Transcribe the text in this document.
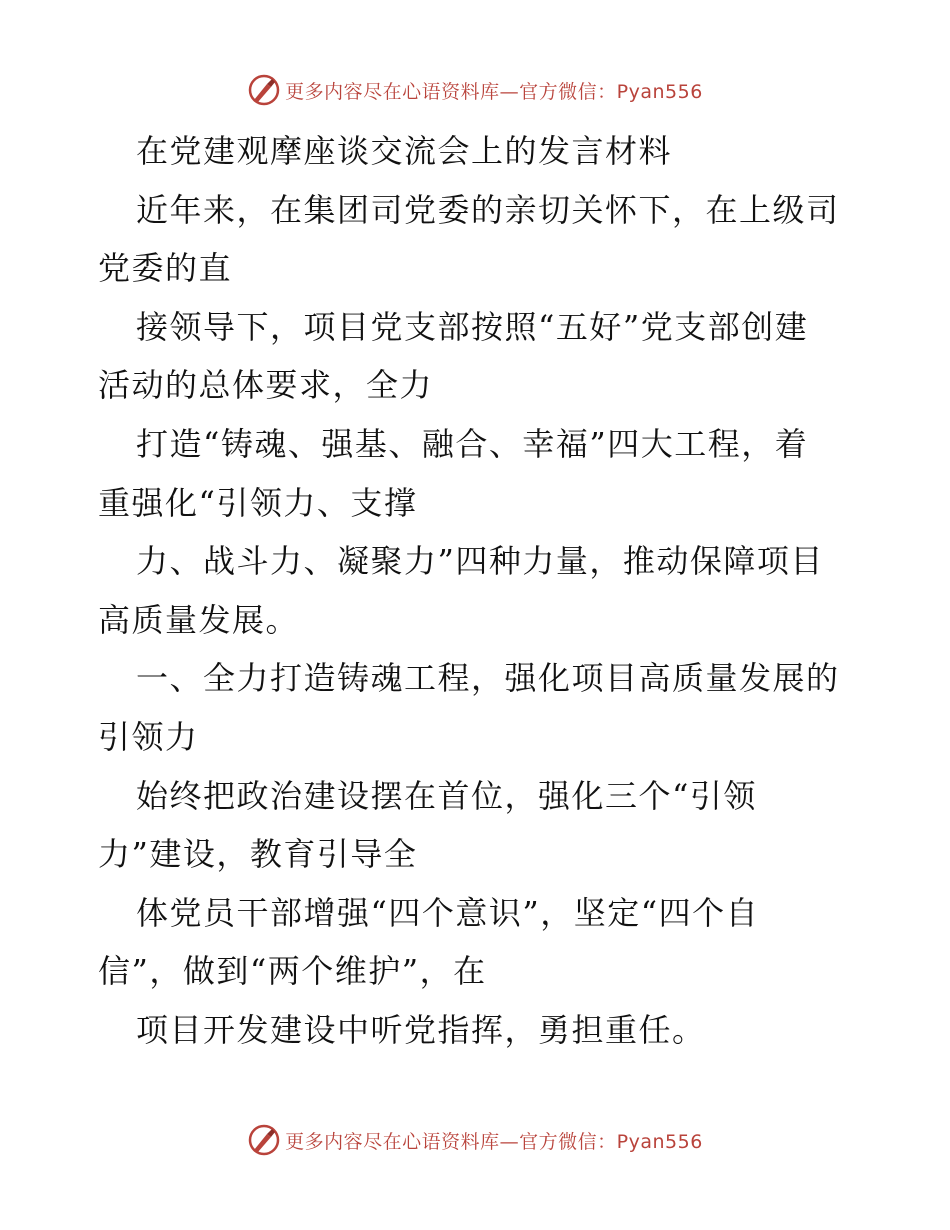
更多内容尽在心语资料库—官方微信：Pyan556
在党建观摩座谈交流会上的发言材料
近年来，在集团司党委的亲切关怀下，在上级司
党委的直
接领导下，项目党支部按照“五好”党支部创建
活动的总体要求，全力
打造“铸魂、强基、融合、幸福”四大工程，着
重强化“引领力、支撑
力、战斗力、凝聚力”四种力量，推动保障项目
高质量发展。
一、全力打造铸魂工程，强化项目高质量发展的
引领力
始终把政治建设摆在首位，强化三个“引领
力”建设，教育引导全
体党员干部增强“四个意识”，坚定“四个自
信”，做到“两个维护”，在
项目开发建设中听党指挥，勇担重任。
更多内容尽在心语资料库—官方微信：Pyan556
